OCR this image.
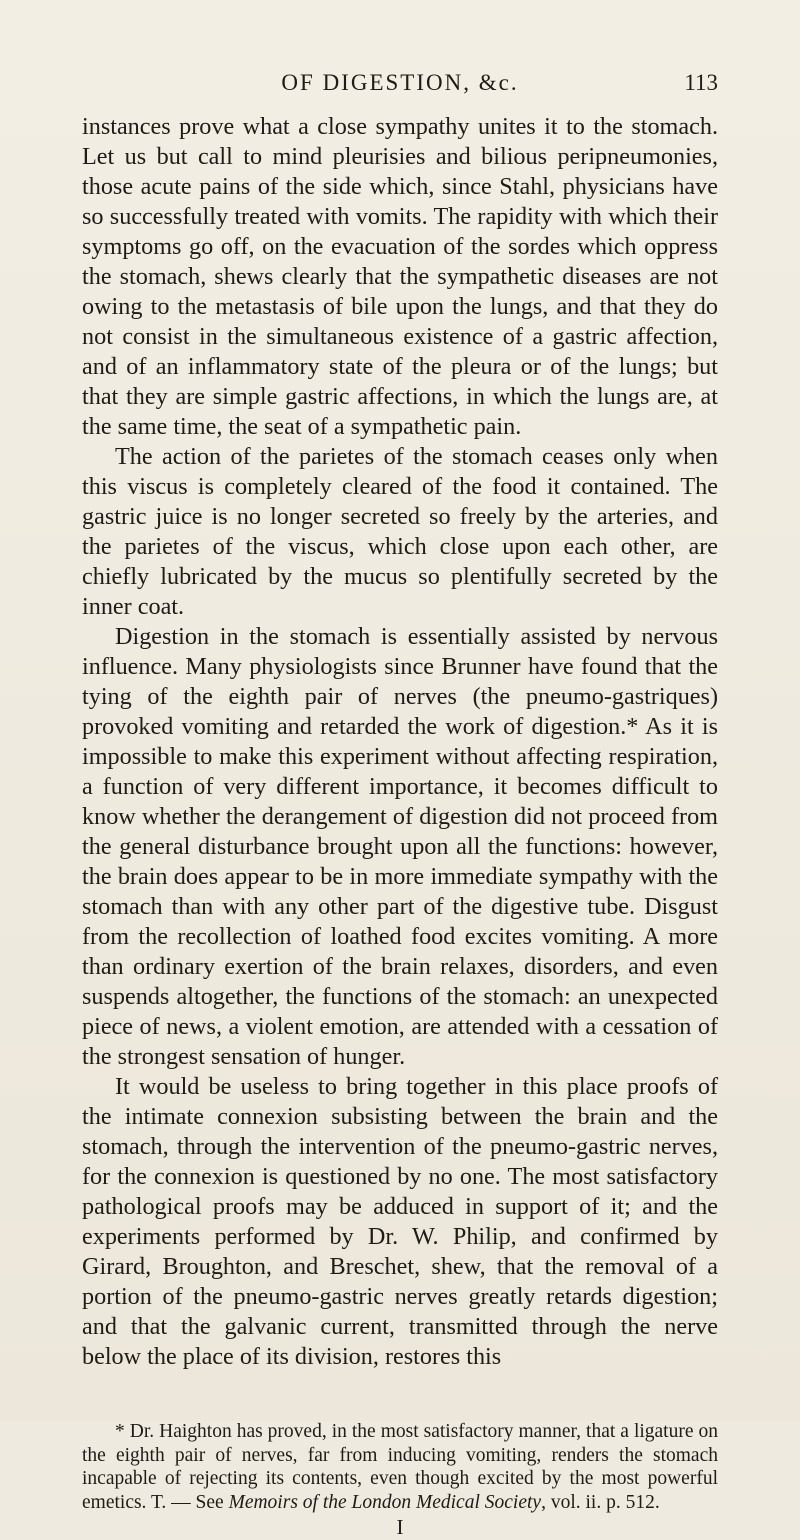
OF DIGESTION, &c.	113

instances prove what a close sympathy unites it to the stomach. Let us but call to mind pleurisies and bilious peripneumonies, those acute pains of the side which, since Stahl, physicians have so successfully treated with vomits. The rapidity with which their symptoms go off, on the evacuation of the sordes which oppress the stomach, shews clearly that the sympathetic diseases are not owing to the metastasis of bile upon the lungs, and that they do not consist in the simultaneous existence of a gastric affection, and of an inflammatory state of the pleura or of the lungs; but that they are simple gastric affections, in which the lungs are, at the same time, the seat of a sympathetic pain.

The action of the parietes of the stomach ceases only when this viscus is completely cleared of the food it contained. The gastric juice is no longer secreted so freely by the arteries, and the parietes of the viscus, which close upon each other, are chiefly lubricated by the mucus so plentifully secreted by the inner coat.

Digestion in the stomach is essentially assisted by nervous influence. Many physiologists since Brunner have found that the tying of the eighth pair of nerves (the pneumo-gastriques) provoked vomiting and retarded the work of digestion.* As it is impossible to make this experiment without affecting respiration, a function of very different importance, it becomes difficult to know whether the derangement of digestion did not proceed from the general disturbance brought upon all the functions: however, the brain does appear to be in more immediate sympathy with the stomach than with any other part of the digestive tube. Disgust from the recollection of loathed food excites vomiting. A more than ordinary exertion of the brain relaxes, disorders, and even suspends altogether, the functions of the stomach: an unexpected piece of news, a violent emotion, are attended with a cessation of the strongest sensation of hunger.

It would be useless to bring together in this place proofs of the intimate connexion subsisting between the brain and the stomach, through the intervention of the pneumo-gastric nerves, for the connexion is questioned by no one. The most satisfactory pathological proofs may be adduced in support of it; and the experiments performed by Dr. W. Philip, and confirmed by Girard, Broughton, and Breschet, shew, that the removal of a portion of the pneumo-gastric nerves greatly retards digestion; and that the galvanic current, transmitted through the nerve below the place of its division, restores this

* Dr. Haighton has proved, in the most satisfactory manner, that a ligature on the eighth pair of nerves, far from inducing vomiting, renders the stomach incapable of rejecting its contents, even though excited by the most powerful emetics. T. — See Memoirs of the London Medical Society, vol. ii. p. 512.

I
